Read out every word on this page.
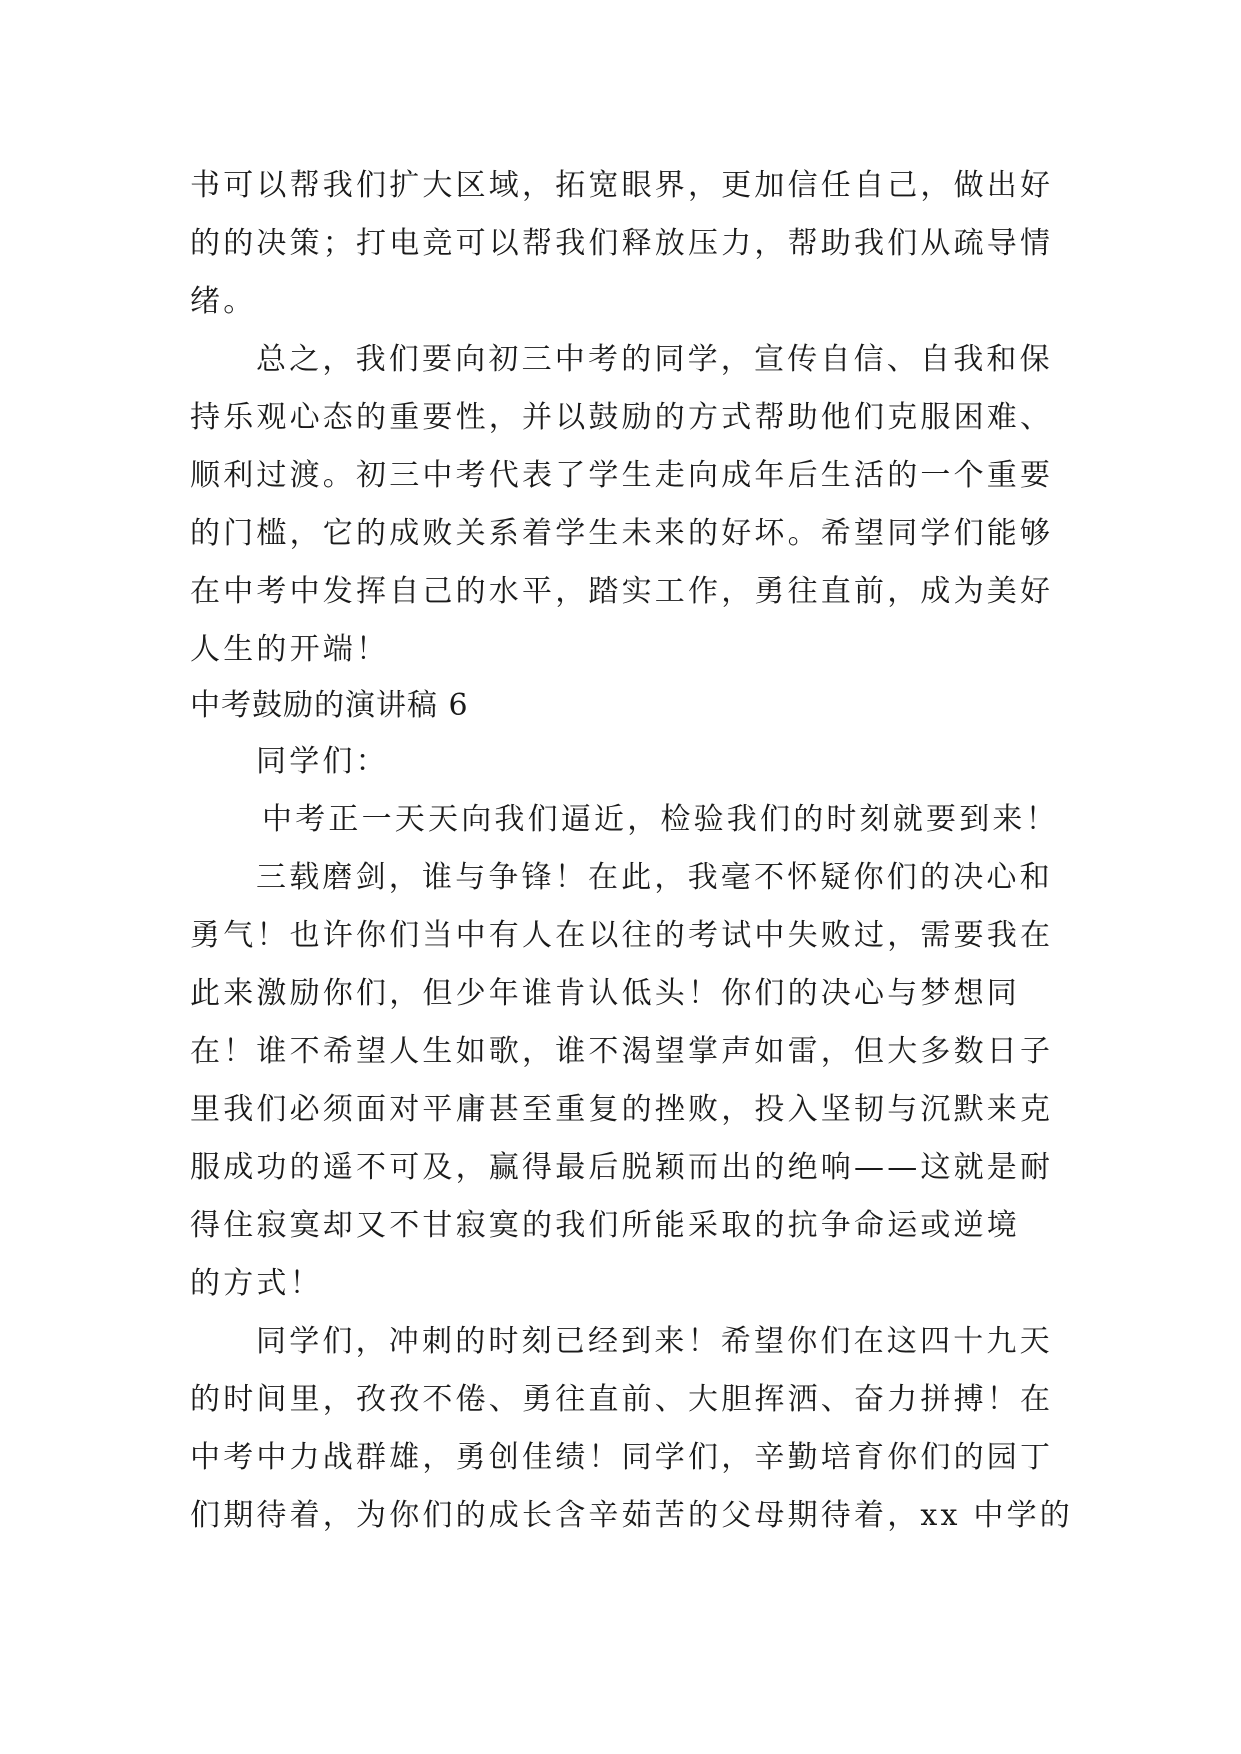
书可以帮我们扩大区域，拓宽眼界，更加信任自己，做出好
的的决策；打电竞可以帮我们释放压力，帮助我们从疏导情
绪。
总之，我们要向初三中考的同学，宣传自信、自我和保
持乐观心态的重要性，并以鼓励的方式帮助他们克服困难、
顺利过渡。初三中考代表了学生走向成年后生活的一个重要
的门槛，它的成败关系着学生未来的好坏。希望同学们能够
在中考中发挥自己的水平，踏实工作，勇往直前，成为美好
人生的开端！
中考鼓励的演讲稿 6
同学们：
中考正一天天向我们逼近，检验我们的时刻就要到来！
三载磨剑，谁与争锋！在此，我毫不怀疑你们的决心和
勇气！也许你们当中有人在以往的考试中失败过，需要我在
此来激励你们，但少年谁肯认低头！你们的决心与梦想同
在！谁不希望人生如歌，谁不渴望掌声如雷，但大多数日子
里我们必须面对平庸甚至重复的挫败，投入坚韧与沉默来克
服成功的遥不可及，赢得最后脱颖而出的绝响——这就是耐
得住寂寞却又不甘寂寞的我们所能采取的抗争命运或逆境
的方式！
同学们，冲刺的时刻已经到来！希望你们在这四十九天
的时间里，孜孜不倦、勇往直前、大胆挥洒、奋力拼搏！在
中考中力战群雄，勇创佳绩！同学们，辛勤培育你们的园丁
们期待着，为你们的成长含辛茹苦的父母期待着，xx 中学的
